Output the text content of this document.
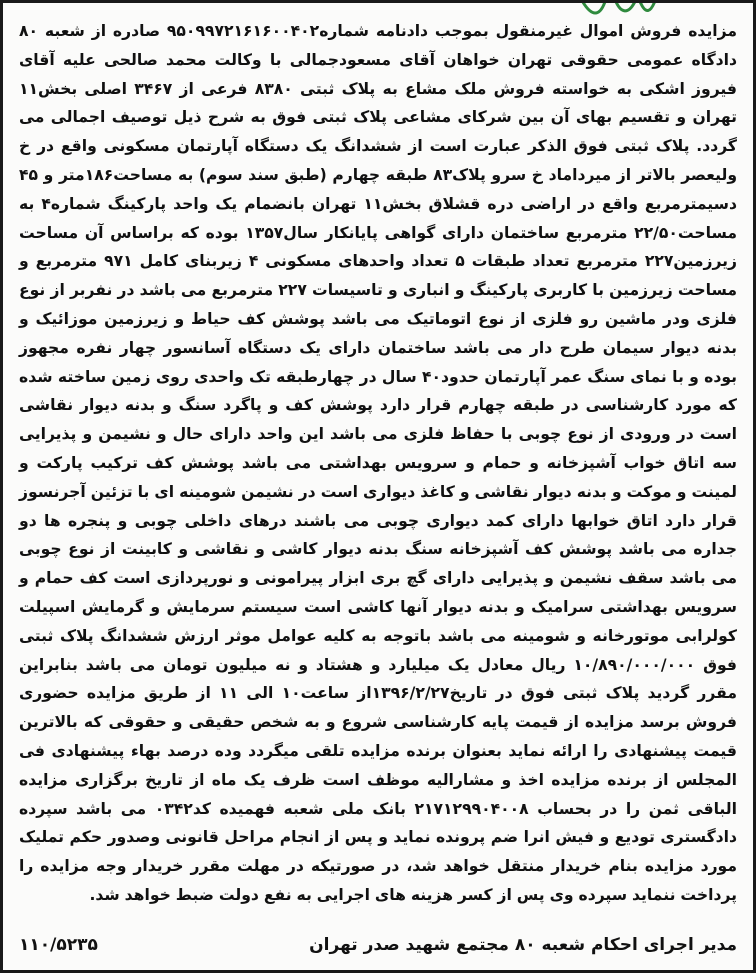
مزایده فروش اموال غیرمنقول بموجب دادنامه شماره۹۵۰۹۹۷۲۱۶۱۶۰۰۴۰۲ صادره از شعبه ۸۰ دادگاه عمومی حقوقی تهران خواهان آقای مسعودجمالی با وکالت محمد صالحی علیه آقای فیروز اشکی به خواسته فروش ملک مشاع به پلاک ثبتی ۸۳۸۰ فرعی از ۳۴۶۷ اصلی بخش۱۱ تهران و تقسیم بهای آن بین شرکای مشاعی پلاک ثبتی فوق به شرح ذیل توصیف اجمالی می گردد. پلاک ثبتی فوق الذکر عبارت است از ششدانگ یک دستگاه آپارتمان مسکونی واقع در خ ولیعصر بالاتر از میرداماد خ سرو پلاک۸۳ طبقه چهارم (طبق سند سوم) به مساحت۱۸۶متر و ۴۵ دسیمترمربع واقع در اراضی دره قشلاق بخش۱۱ تهران بانضمام یک واحد پارکینگ شماره۴ به مساحت۲۲/۵۰ مترمربع ساختمان دارای گواهی پایانکار سال۱۳۵۷ بوده که براساس آن مساحت زیرزمین۲۲۷ مترمربع تعداد طبقات ۵ تعداد واحدهای مسکونی ۴ زیربنای کامل ۹۷۱ مترمربع و مساحت زیرزمین با کاربری پارکینگ و انباری و تاسیسات ۲۲۷ مترمربع می باشد در نفربر از نوع فلزی ودر ماشین رو فلزی از نوع اتوماتیک می باشد پوشش کف حیاط و زیرزمین موزائیک و بدنه دیوار سیمان طرح دار می باشد ساختمان دارای یک دستگاه آسانسور چهار نفره مجهوز بوده و با نمای سنگ عمر آپارتمان حدود۴۰ سال در چهارطبقه تک واحدی روی زمین ساخته شده که مورد کارشناسی در طبقه چهارم قرار دارد پوشش کف و پاگرد سنگ و بدنه دیوار نقاشی است در ورودی از نوع چوبی با حفاظ فلزی می باشد این واحد دارای حال و نشیمن و پذیرایی سه اتاق خواب آشپزخانه و حمام و سرویس بهداشتی می باشد پوشش کف ترکیب پارکت و لمینت و موکت و بدنه دیوار نقاشی و کاغذ دیواری است در نشیمن شومینه ای با تزئین آجرنسوز قرار دارد اتاق خوابها دارای کمد دیواری چوبی می باشند درهای داخلی چوبی و پنجره ها دو جداره می باشد پوشش کف آشپزخانه سنگ بدنه دیوار کاشی و نقاشی و کابینت از نوع چوبی می باشد سقف نشیمن و پذیرایی دارای گچ بری ابزار پیرامونی و نورپردازی است کف حمام و سرویس بهداشتی سرامیک و بدنه دیوار آنها کاشی است سیستم سرمایش و گرمایش اسپیلت کولرابی موتورخانه و شومینه می باشد باتوجه به کلیه عوامل موثر ارزش ششدانگ پلاک ثبتی فوق ۱۰/۸۹۰/۰۰۰/۰۰۰ ریال معادل یک میلیارد و هشتاد و نه میلیون تومان می باشد بنابراین مقرر گردید پلاک ثبتی فوق در تاریخ۱۳۹۶/۲/۲۷از ساعت۱۰ الی ۱۱ از طریق مزایده حضوری فروش برسد مزایده از قیمت پایه کارشناسی شروع و به شخص حقیقی و حقوقی که بالاترین قیمت پیشنهادی را ارائه نماید بعنوان برنده مزایده تلقی میگردد وده درصد بهاء پیشنهادی فی المجلس از برنده مزایده اخذ و مشارالیه موظف است ظرف یک ماه از تاریخ برگزاری مزایده الباقی ثمن را در بحساب ۲۱۷۱۲۹۹۰۴۰۰۸ بانک ملی شعبه فهمیده کد۰۳۴۲ می باشد سپرده دادگستری تودیع و فیش انرا ضم پرونده نماید و پس از انجام مراحل قانونی وصدور حکم تملیک مورد مزایده بنام خریدار منتقل خواهد شد، در صورتیکه در مهلت مقرر خریدار وجه مزایده را پرداخت ننماید سپرده وی پس از کسر هزینه های اجرایی به نفع دولت ضبط خواهد شد.

مدیر اجرای احکام شعبه ۸۰ مجتمع شهید صدر تهران
۱۱۰/۵۲۳۵
